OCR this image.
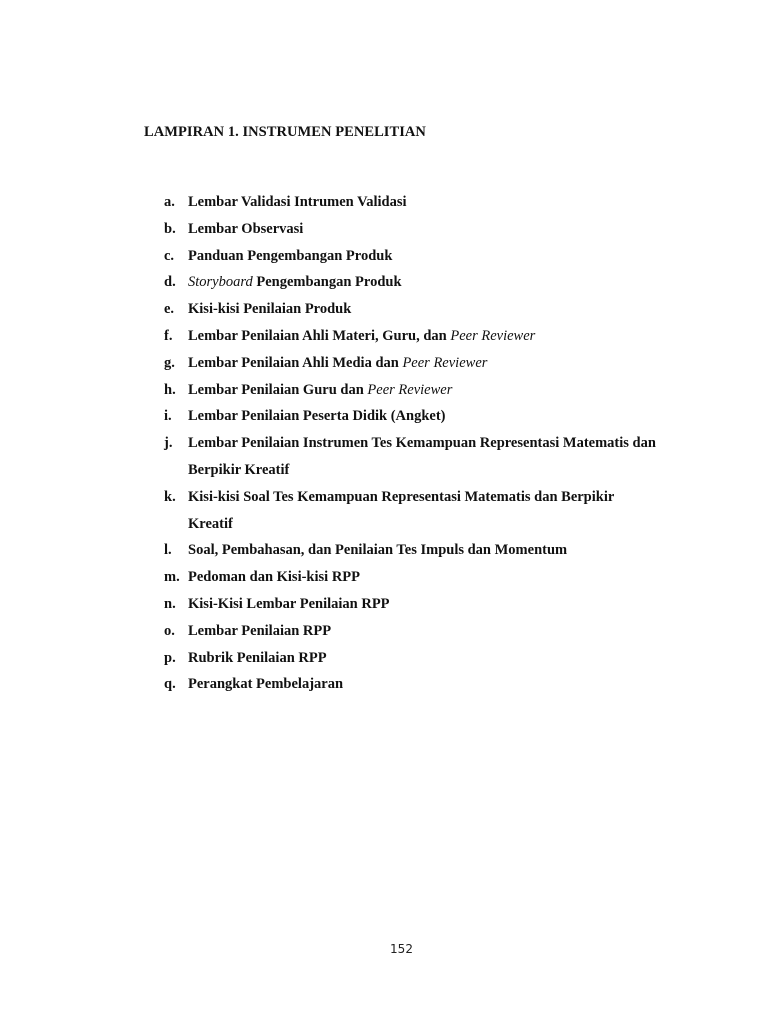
LAMPIRAN 1. INSTRUMEN PENELITIAN
a. Lembar Validasi Intrumen Validasi
b. Lembar Observasi
c. Panduan Pengembangan Produk
d. Storyboard Pengembangan Produk
e. Kisi-kisi Penilaian Produk
f.	Lembar Penilaian Ahli Materi, Guru, dan Peer Reviewer
g. Lembar Penilaian Ahli Media dan Peer Reviewer
h. Lembar Penilaian Guru dan Peer Reviewer
i.	Lembar Penilaian Peserta Didik (Angket)
j.	Lembar Penilaian Instrumen Tes Kemampuan Representasi Matematis dan Berpikir Kreatif
k. Kisi-kisi Soal Tes Kemampuan Representasi Matematis dan Berpikir Kreatif
l.	Soal, Pembahasan, dan Penilaian Tes Impuls dan Momentum
m. Pedoman dan Kisi-kisi RPP
n. Kisi-Kisi Lembar Penilaian RPP
o. Lembar Penilaian RPP
p. Rubrik Penilaian RPP
q. Perangkat Pembelajaran
152
